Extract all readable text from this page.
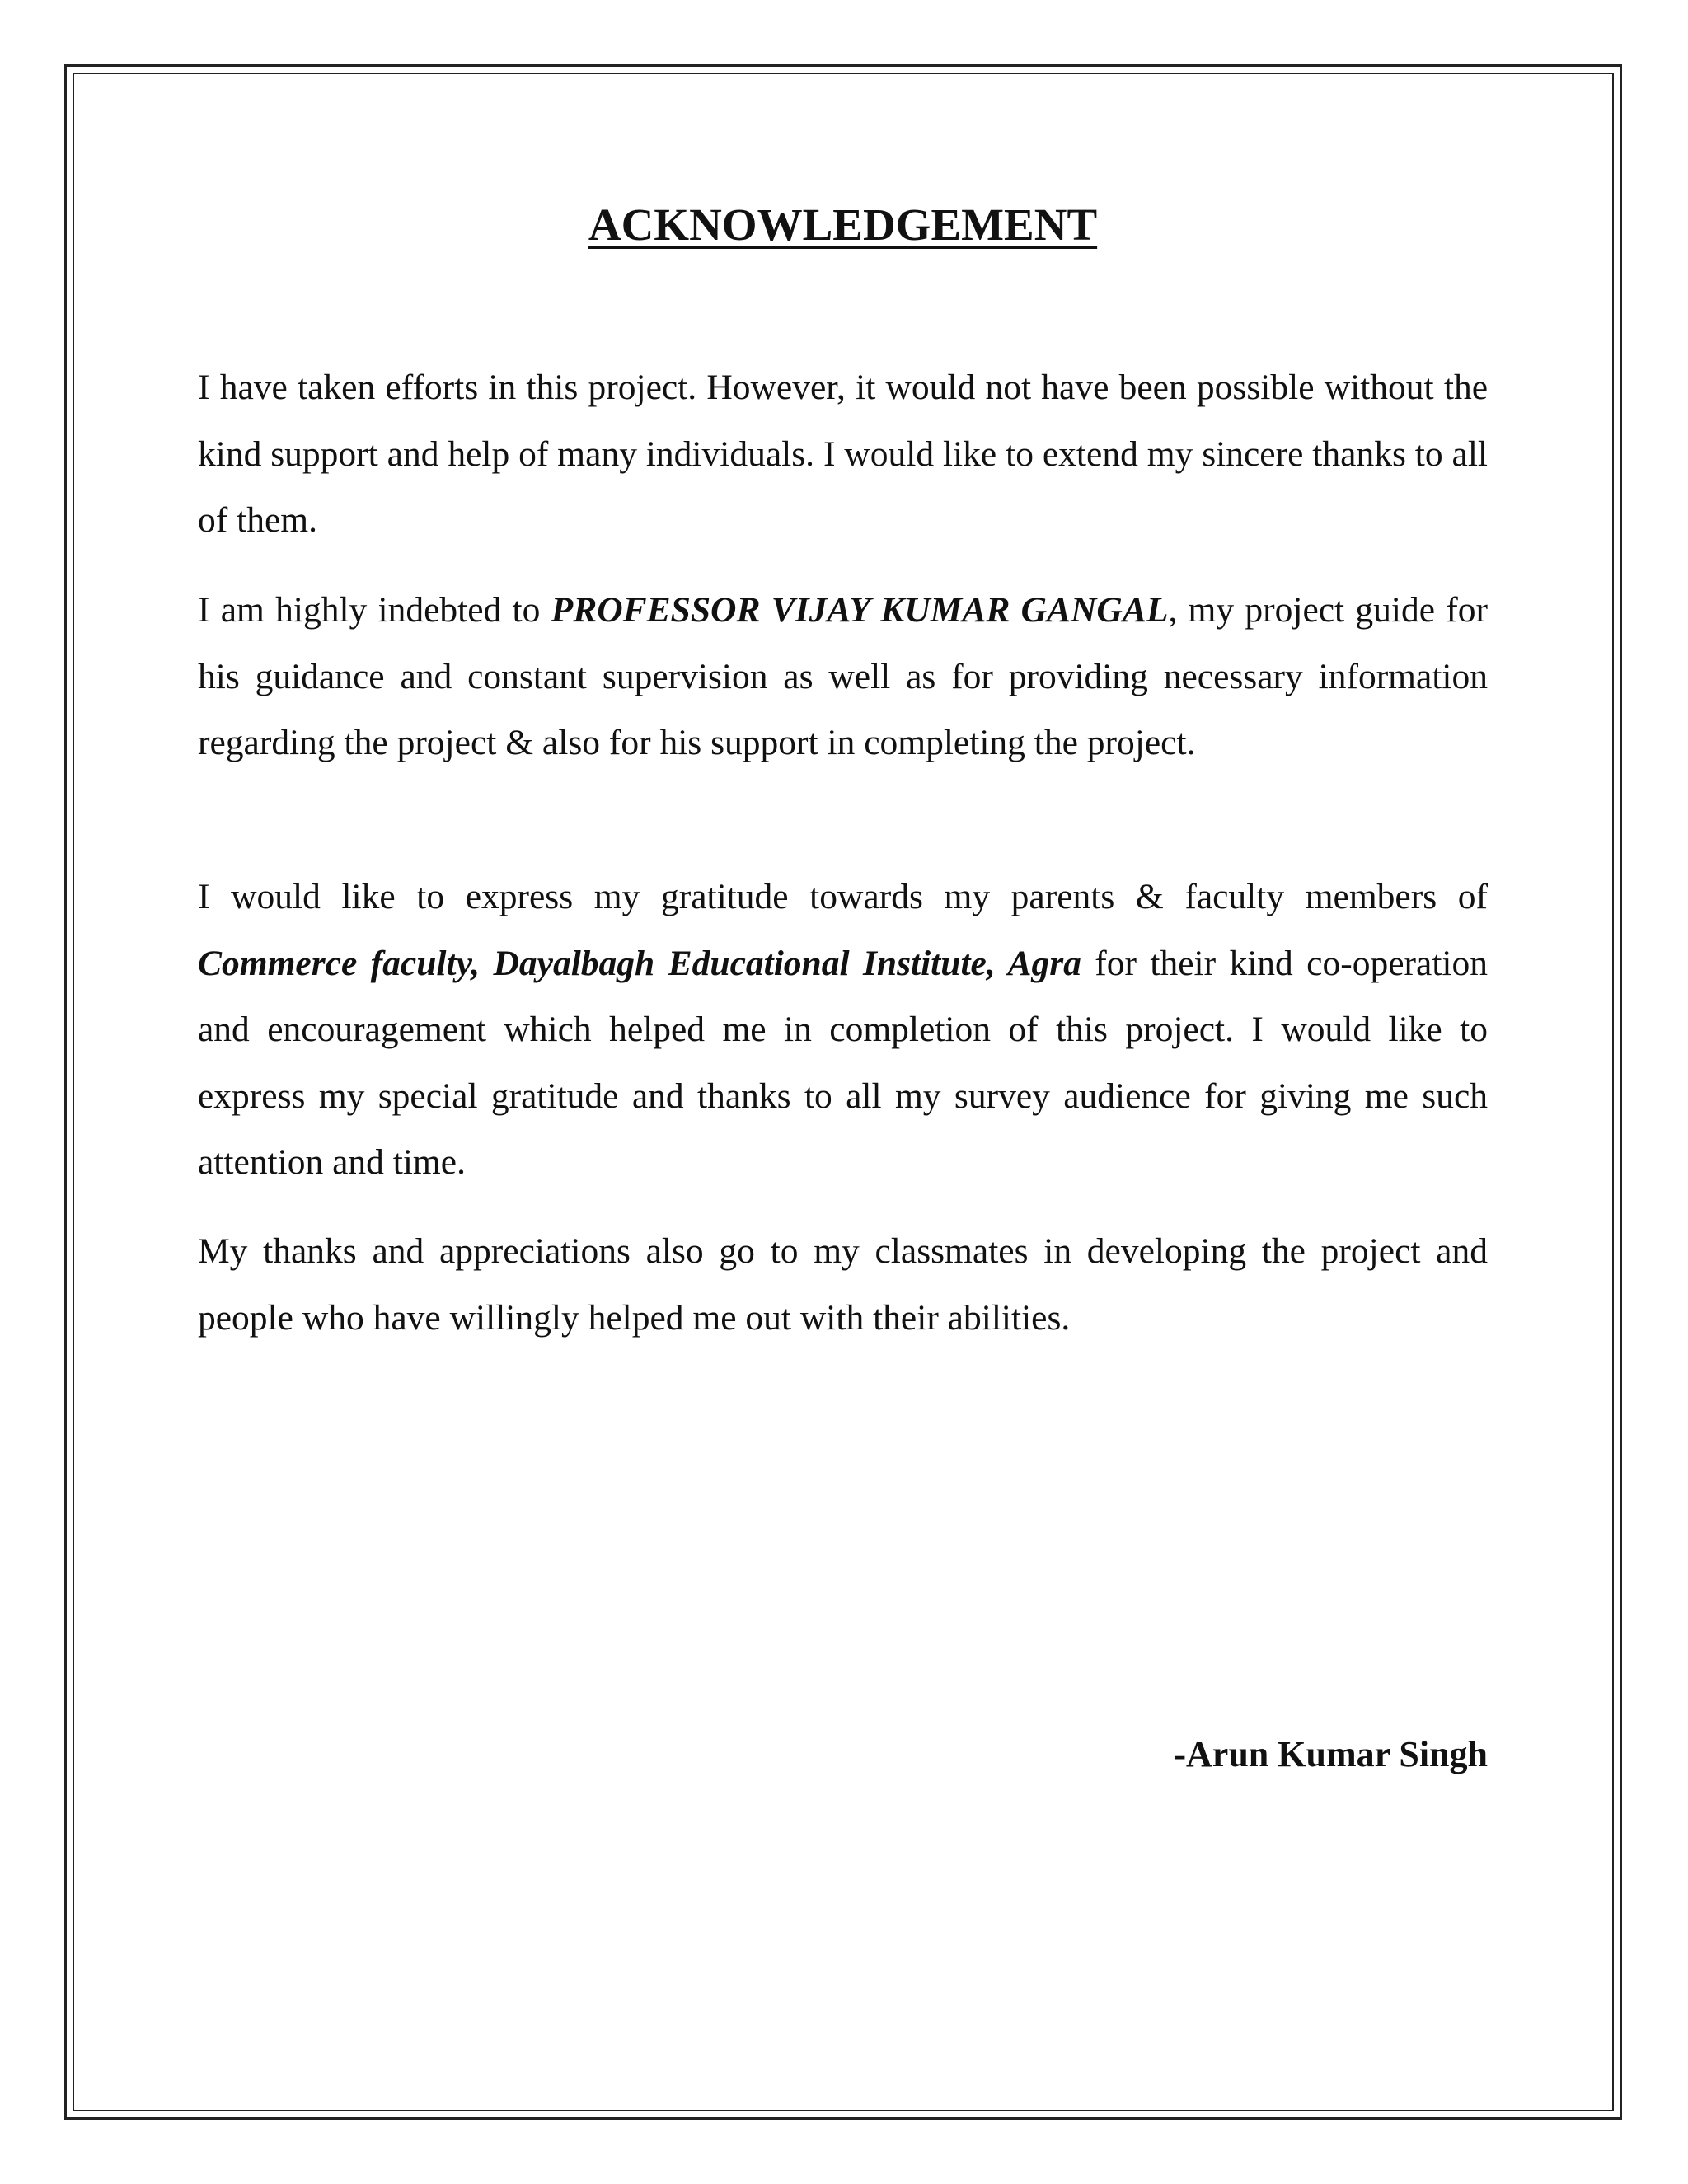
ACKNOWLEDGEMENT

I have taken efforts in this project. However, it would not have been possible without the kind support and help of many individuals. I would like to extend my sincere thanks to all of them.

I am highly indebted to PROFESSOR VIJAY KUMAR GANGAL, my project guide for his guidance and constant supervision as well as for providing necessary information regarding the project & also for his support in completing the project.

I would like to express my gratitude towards my parents & faculty members of Commerce faculty, Dayalbagh Educational Institute, Agra for their kind co-operation and encouragement which helped me in completion of this project. I would like to express my special gratitude and thanks to all my survey audience for giving me such attention and time.

My thanks and appreciations also go to my classmates in developing the project and people who have willingly helped me out with their abilities.

-Arun Kumar Singh
